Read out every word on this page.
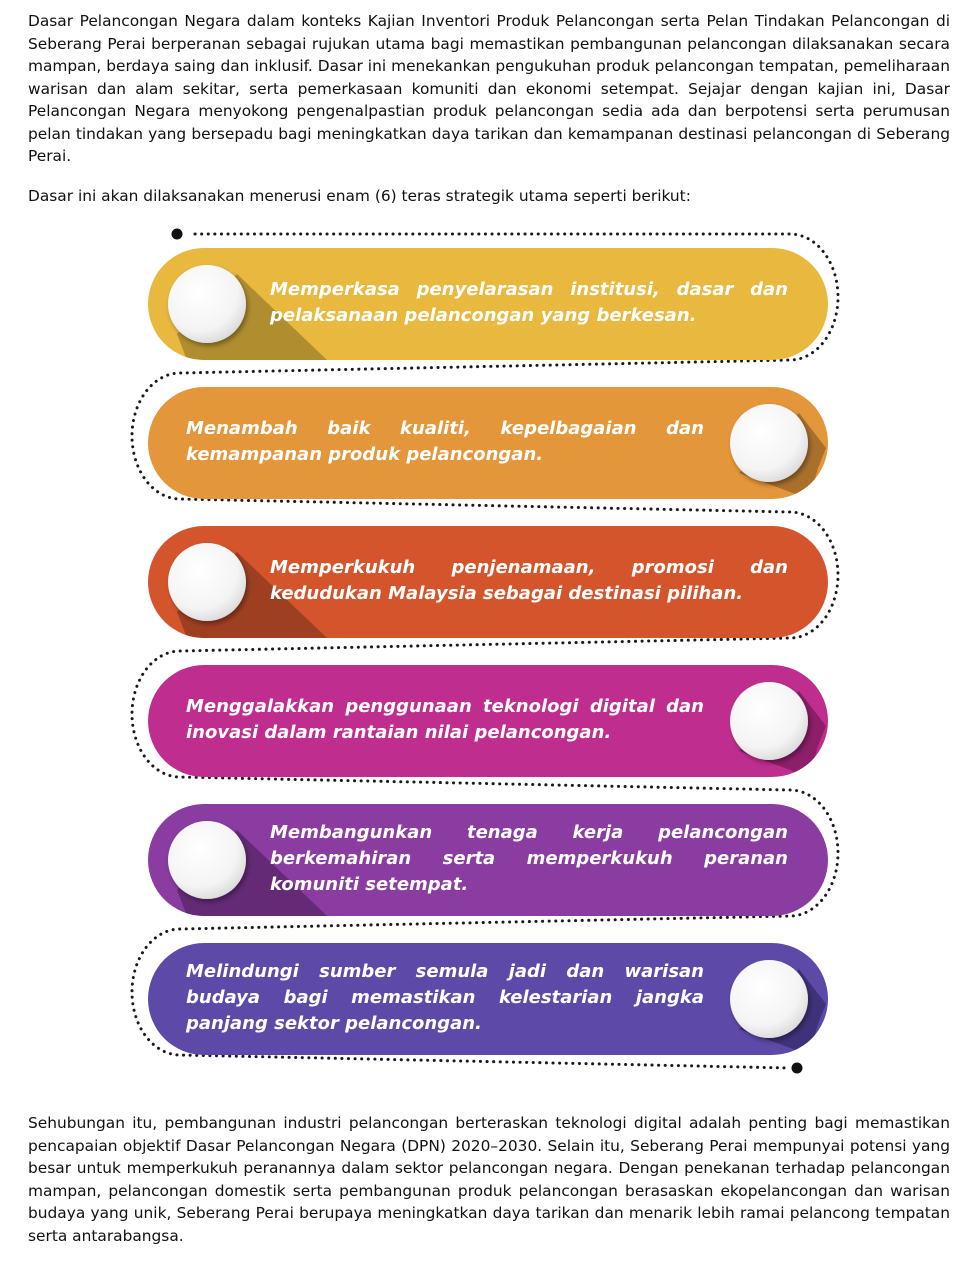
Dasar Pelancongan Negara dalam konteks Kajian Inventori Produk Pelancongan serta Pelan Tindakan Pelancongan di Seberang Perai berperanan sebagai rujukan utama bagi memastikan pembangunan pelancongan dilaksanakan secara mampan, berdaya saing dan inklusif. Dasar ini menekankan pengukuhan produk pelancongan tempatan, pemeliharaan warisan dan alam sekitar, serta pemerkasaan komuniti dan ekonomi setempat. Sejajar dengan kajian ini, Dasar Pelancongan Negara menyokong pengenalpastian produk pelancongan sedia ada dan berpotensi serta perumusan pelan tindakan yang bersepadu bagi meningkatkan daya tarikan dan kemampanan destinasi pelancongan di Seberang Perai.

Dasar ini akan dilaksanakan menerusi enam (6) teras strategik utama seperti berikut:

Memperkasa penyelarasan institusi, dasar dan pelaksanaan pelancongan yang berkesan.
Menambah baik kualiti, kepelbagaian dan kemampanan produk pelancongan.
Memperkukuh penjenamaan, promosi dan kedudukan Malaysia sebagai destinasi pilihan.
Menggalakkan penggunaan teknologi digital dan inovasi dalam rantaian nilai pelancongan.
Membangunkan tenaga kerja pelancongan berkemahiran serta memperkukuh peranan komuniti setempat.
Melindungi sumber semula jadi dan warisan budaya bagi memastikan kelestarian jangka panjang sektor pelancongan.

Sehubungan itu, pembangunan industri pelancongan berteraskan teknologi digital adalah penting bagi memastikan pencapaian objektif Dasar Pelancongan Negara (DPN) 2020–2030. Selain itu, Seberang Perai mempunyai potensi yang besar untuk memperkukuh peranannya dalam sektor pelancongan negara. Dengan penekanan terhadap pelancongan mampan, pelancongan domestik serta pembangunan produk pelancongan berasaskan ekopelancongan dan warisan budaya yang unik, Seberang Perai berupaya meningkatkan daya tarikan dan menarik lebih ramai pelancong tempatan serta antarabangsa.
